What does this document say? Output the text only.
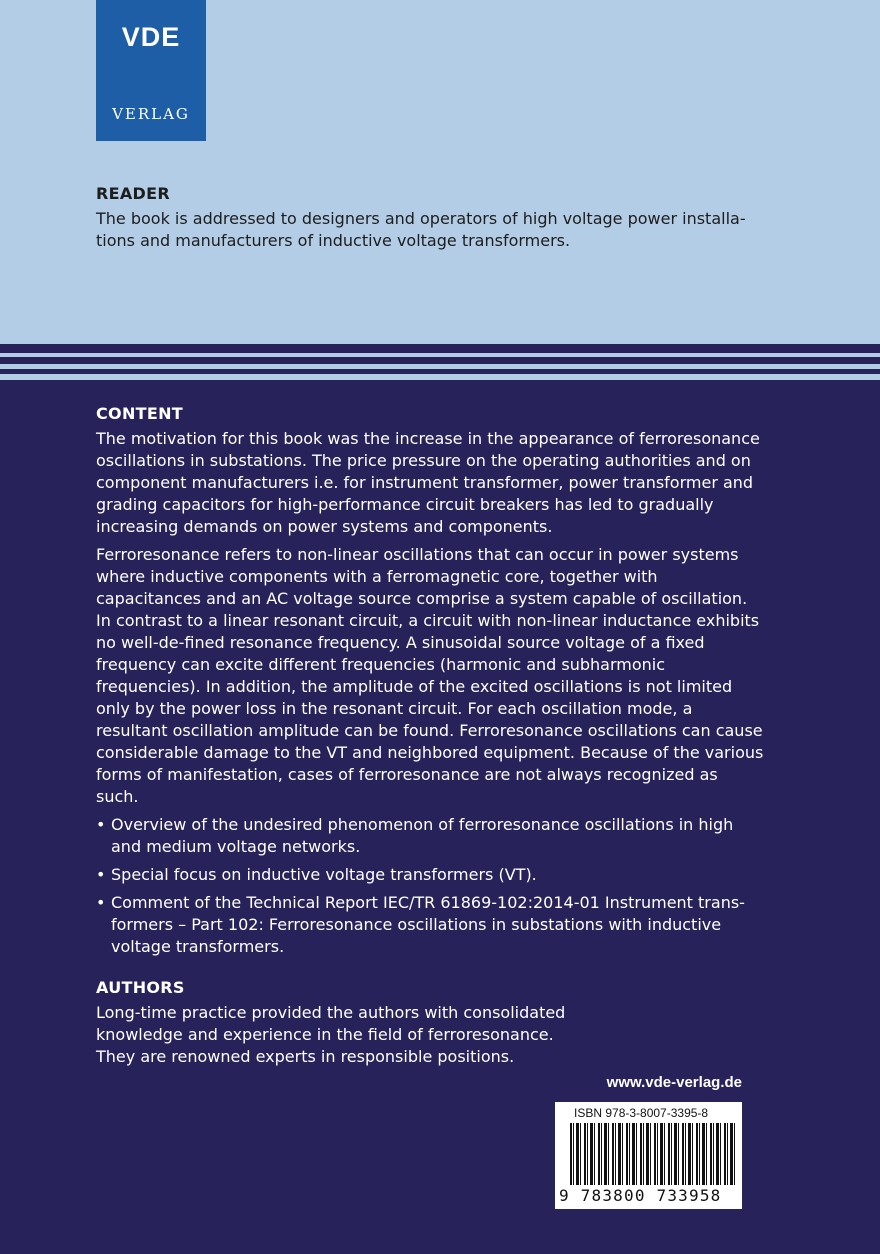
VDE
VERLAG
READER

The book is addressed to designers and operators of high voltage power installa-tions and manufacturers of inductive voltage transformers.

CONTENT

The motivation for this book was the increase in the appearance of ferroresonance oscillations in substations. The price pressure on the operating authorities and on component manufacturers i.e. for instrument transformer, power transformer and grading capacitors for high-performance circuit breakers has led to gradually increasing demands on power systems and components.

Ferroresonance refers to non-linear oscillations that can occur in power systems where inductive components with a ferromagnetic core, together with capacitances and an AC voltage source comprise a system capable of oscillation. In contrast to a linear resonant circuit, a circuit with non-linear inductance exhibits no well-de-fined resonance frequency. A sinusoidal source voltage of a fixed frequency can excite different frequencies (harmonic and subharmonic frequencies). In addition, the amplitude of the excited oscillations is not limited only by the power loss in the resonant circuit. For each oscillation mode, a resultant oscillation amplitude can be found. Ferroresonance oscillations can cause considerable damage to the VT and neighbored equipment. Because of the various forms of manifestation, cases of ferroresonance are not always recognized as such.

• Overview of the undesired phenomenon of ferroresonance oscillations in high and medium voltage networks.
• Special focus on inductive voltage transformers (VT).
• Comment of the Technical Report IEC/TR 61869-102:2014-01 Instrument trans-formers – Part 102: Ferroresonance oscillations in substations with inductive voltage transformers.
AUTHORS

Long-time practice provided the authors with consolidated knowledge and experience in the field of ferroresonance. They are renowned experts in responsible positions.

www.vde-verlag.de
ISBN 978-3-8007-3395-8
9 783800 733958
